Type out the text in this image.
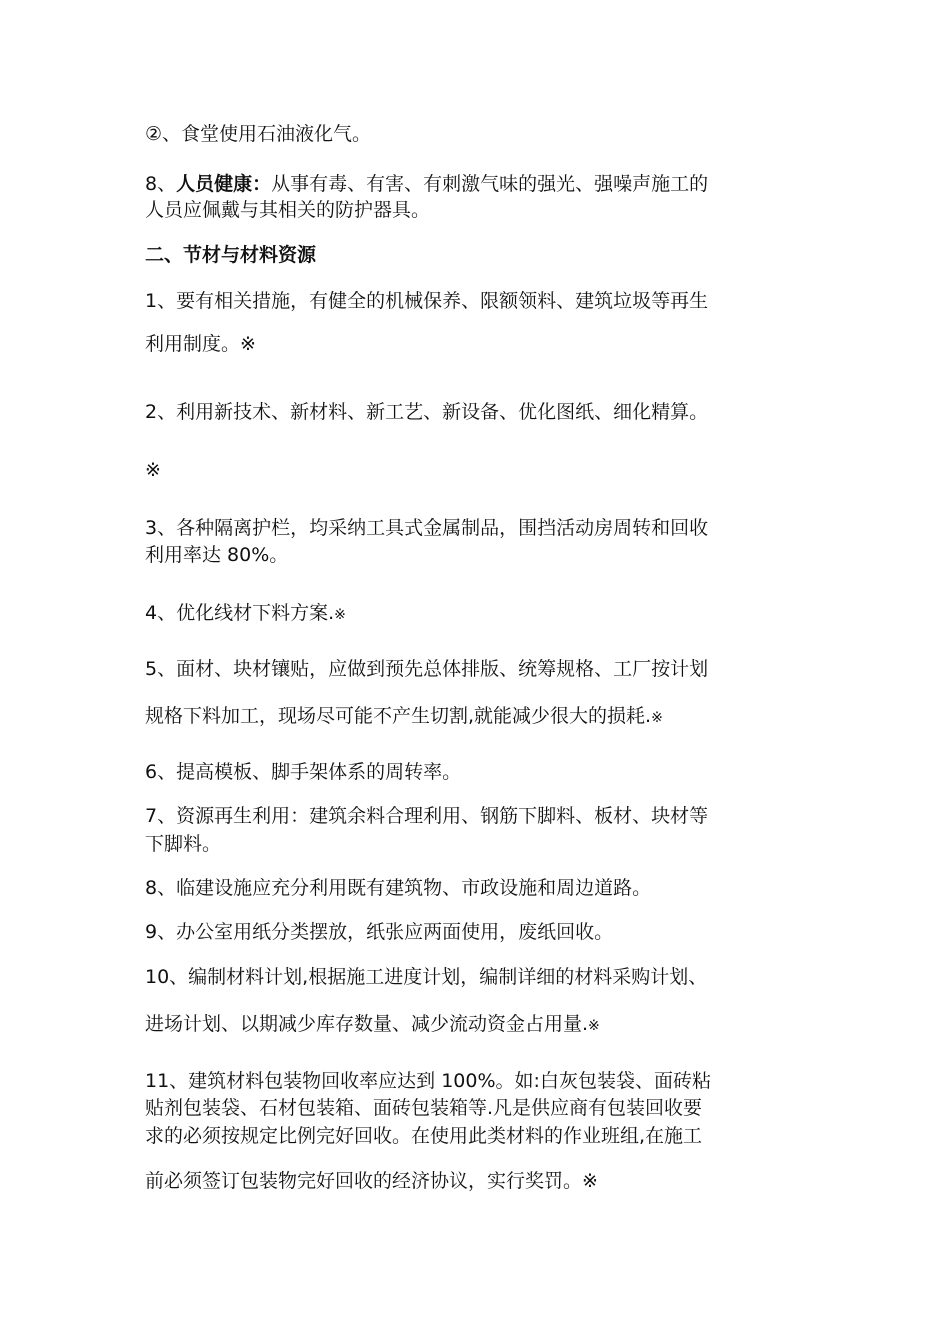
②、食堂使用石油液化气。
8、人员健康：从事有毒、有害、有刺激气味的强光、强噪声施工的
人员应佩戴与其相关的防护器具。
二、节材与材料资源
1、要有相关措施，有健全的机械保养、限额领料、建筑垃圾等再生
利用制度。※
2、利用新技术、新材料、新工艺、新设备、优化图纸、细化精算。
※
3、各种隔离护栏，均采纳工具式金属制品，围挡活动房周转和回收
利用率达 80%。
4、优化线材下料方案.※
5、面材、块材镶贴，应做到预先总体排版、统筹规格、工厂按计划
规格下料加工，现场尽可能不产生切割,就能减少很大的损耗.※
6、提高模板、脚手架体系的周转率。
7、资源再生利用：建筑余料合理利用、钢筋下脚料、板材、块材等
下脚料。
8、临建设施应充分利用既有建筑物、市政设施和周边道路。
9、办公室用纸分类摆放，纸张应两面使用，废纸回收。
10、编制材料计划,根据施工进度计划，编制详细的材料采购计划、
进场计划、以期减少库存数量、减少流动资金占用量.※
11、建筑材料包装物回收率应达到 100%。如:白灰包装袋、面砖粘
贴剂包装袋、石材包装箱、面砖包装箱等.凡是供应商有包装回收要
求的必须按规定比例完好回收。在使用此类材料的作业班组,在施工
前必须签订包装物完好回收的经济协议，实行奖罚。※
